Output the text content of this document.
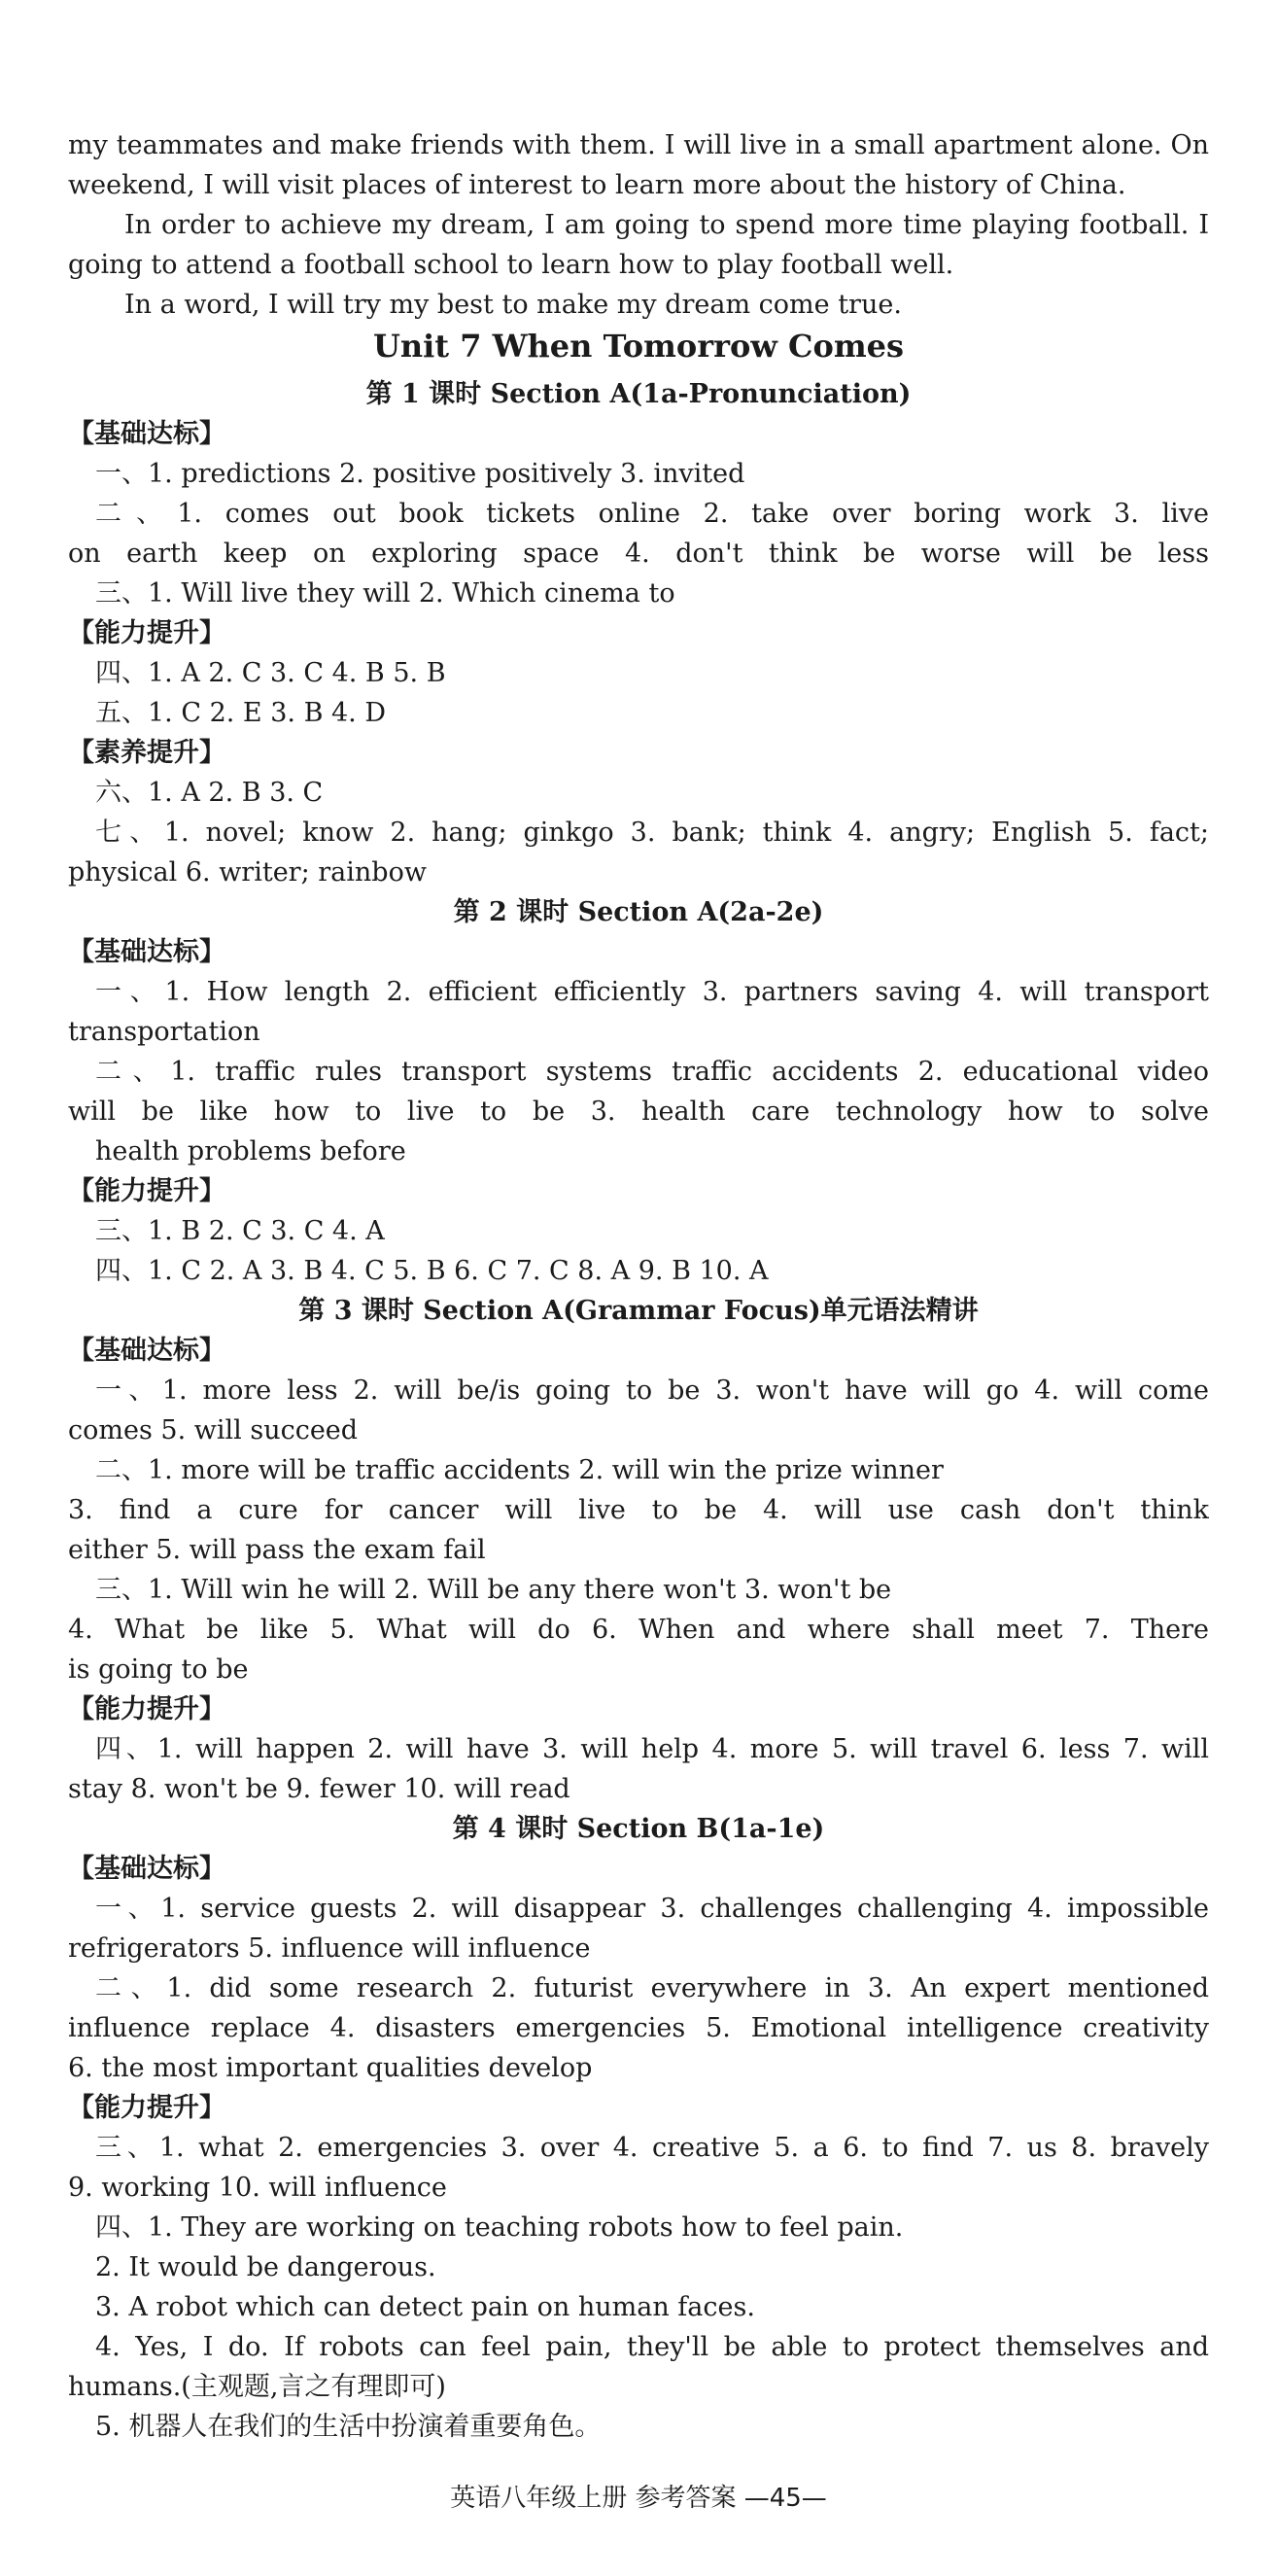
my teammates and make friends with them. I will live in a small apartment alone. On
weekend, I will visit places of interest to learn more about the history of China.
In order to achieve my dream, I am going to spend more time playing football. I
going to attend a football school to learn how to play football well.
In a word, I will try my best to make my dream come true.
Unit 7 When Tomorrow Comes
第 1 课时 Section A(1a-Pronunciation)
【基础达标】
一、1. predictions 2. positive positively 3. invited
二、1. comes out book tickets online 2. take over boring work 3. live
on earth keep on exploring space 4. don't think be worse will be less
三、1. Will live they will 2. Which cinema to
【能力提升】
四、1. A 2. C 3. C 4. B 5. B
五、1. C 2. E 3. B 4. D
【素养提升】
六、1. A 2. B 3. C
七、1. novel; know 2. hang; ginkgo 3. bank; think 4. angry; English 5. fact;
physical 6. writer; rainbow
第 2 课时 Section A(2a-2e)
【基础达标】
一、1. How length 2. efficient efficiently 3. partners saving 4. will transport
transportation
二、1. traffic rules transport systems traffic accidents 2. educational video
will be like how to live to be 3. health care technology how to solve
health problems before
【能力提升】
三、1. B 2. C 3. C 4. A
四、1. C 2. A 3. B 4. C 5. B 6. C 7. C 8. A 9. B 10. A
第 3 课时 Section A(Grammar Focus)单元语法精讲
【基础达标】
一、1. more less 2. will be/is going to be 3. won't have will go 4. will come
comes 5. will succeed
二、1. more will be traffic accidents 2. will win the prize winner
3. find a cure for cancer will live to be 4. will use cash don't think
either 5. will pass the exam fail
三、1. Will win he will 2. Will be any there won't 3. won't be
4. What be like 5. What will do 6. When and where shall meet 7. There
is going to be
【能力提升】
四、1. will happen 2. will have 3. will help 4. more 5. will travel 6. less 7. will
stay 8. won't be 9. fewer 10. will read
第 4 课时 Section B(1a-1e)
【基础达标】
一、1. service guests 2. will disappear 3. challenges challenging 4. impossible
refrigerators 5. influence will influence
二、1. did some research 2. futurist everywhere in 3. An expert mentioned
influence replace 4. disasters emergencies 5. Emotional intelligence creativity
6. the most important qualities develop
【能力提升】
三、1. what 2. emergencies 3. over 4. creative 5. a 6. to find 7. us 8. bravely
9. working 10. will influence
四、1. They are working on teaching robots how to feel pain.
2. It would be dangerous.
3. A robot which can detect pain on human faces.
4. Yes, I do. If robots can feel pain, they'll be able to protect themselves and
humans.(主观题,言之有理即可)
5. 机器人在我们的生活中扮演着重要角色。
英语八年级上册 参考答案 —45—
